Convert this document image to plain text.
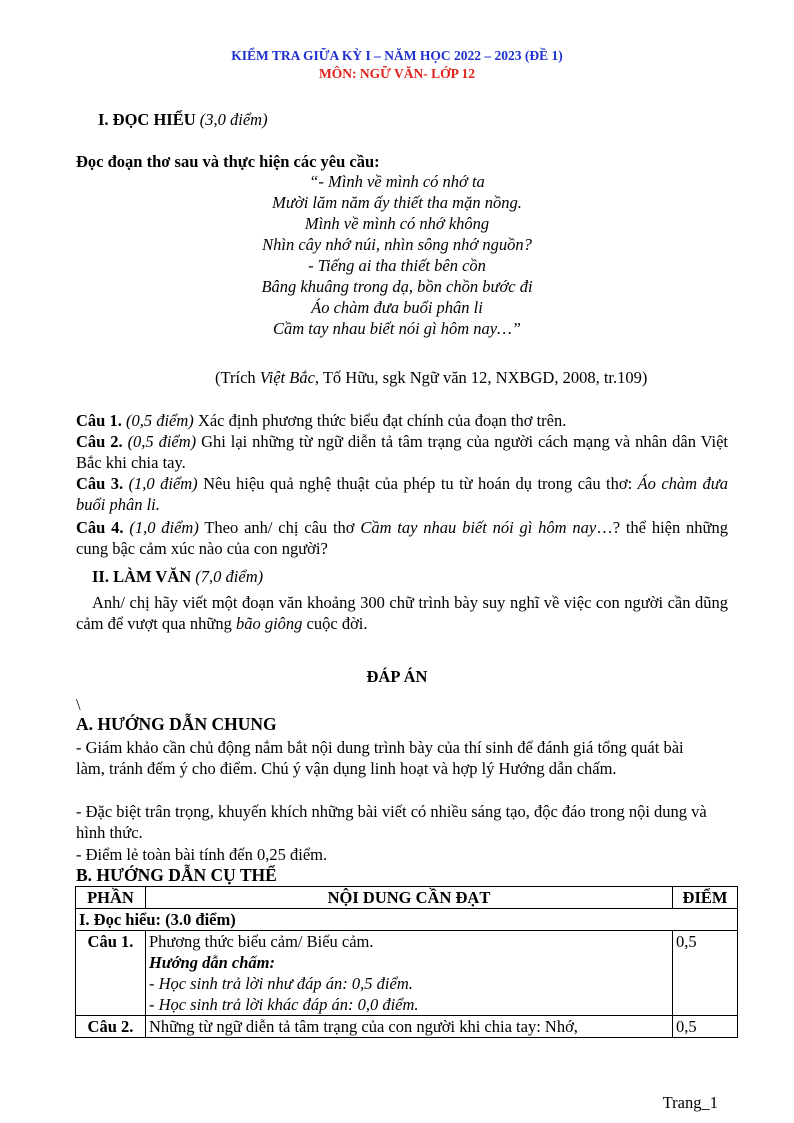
KIỂM TRA GIỮA KỲ I – NĂM HỌC 2022 – 2023 (ĐỀ 1)
MÔN: NGỮ VĂN- LỚP 12
I. ĐỌC HIỂU (3,0 điểm)
Đọc đoạn thơ sau và thực hiện các yêu cầu:
“- Mình về mình có nhớ ta
Mười lăm năm ấy thiết tha mặn nồng.
Mình về mình có nhớ không
Nhìn cây nhớ núi, nhìn sông nhớ nguồn?
- Tiếng ai tha thiết bên cồn
Bâng khuâng trong dạ, bồn chồn bước đi
Áo chàm đưa buổi phân li
Cầm tay nhau biết nói gì hôm nay…”
(Trích Việt Bắc, Tố Hữu, sgk Ngữ văn 12, NXBGD, 2008, tr.109)
Câu 1. (0,5 điểm) Xác định phương thức biểu đạt chính của đoạn thơ trên.
Câu 2. (0,5 điểm) Ghi lại những từ ngữ diễn tả tâm trạng của người cách mạng và nhân dân Việt Bắc khi chia tay.
Câu 3. (1,0 điểm) Nêu hiệu quả nghệ thuật của phép tu từ hoán dụ trong câu thơ: Áo chàm đưa buổi phân li.
Câu 4. (1,0 điểm) Theo anh/ chị câu thơ Cầm tay nhau biết nói gì hôm nay…? thể hiện những cung bậc cảm xúc nào của con người?
II. LÀM VĂN (7,0 điểm)
Anh/ chị hãy viết một đoạn văn khoảng 300 chữ trình bày suy nghĩ về việc con người cần dũng cảm để vượt qua những bão giông cuộc đời.
ĐÁP ÁN
\
A. HƯỚNG DẪN CHUNG
- Giám khảo cần chủ động nắm bắt nội dung trình bày của thí sinh để đánh giá tổng quát bài làm, tránh đếm ý cho điểm. Chú ý vận dụng linh hoạt và hợp lý Hướng dẫn chấm.
- Đặc biệt trân trọng, khuyến khích những bài viết có nhiều sáng tạo, độc đáo trong nội dung và hình thức.
- Điểm lẻ toàn bài tính đến 0,25 điểm.
B. HƯỚNG DẪN CỤ THỂ
PHẦN	NỘI DUNG CẦN ĐẠT	ĐIỂM
I. Đọc hiểu: (3.0 điểm)		
Câu 1.	Phương thức biểu cảm/ Biểu cảm.
Hướng dẫn chấm:
- Học sinh trả lời như đáp án: 0,5 điểm.
- Học sinh trả lời khác đáp án: 0,0 điểm.	0,5
Câu 2.	Những từ ngữ diễn tả tâm trạng của con người khi chia tay: Nhớ,	0,5
Trang_1
